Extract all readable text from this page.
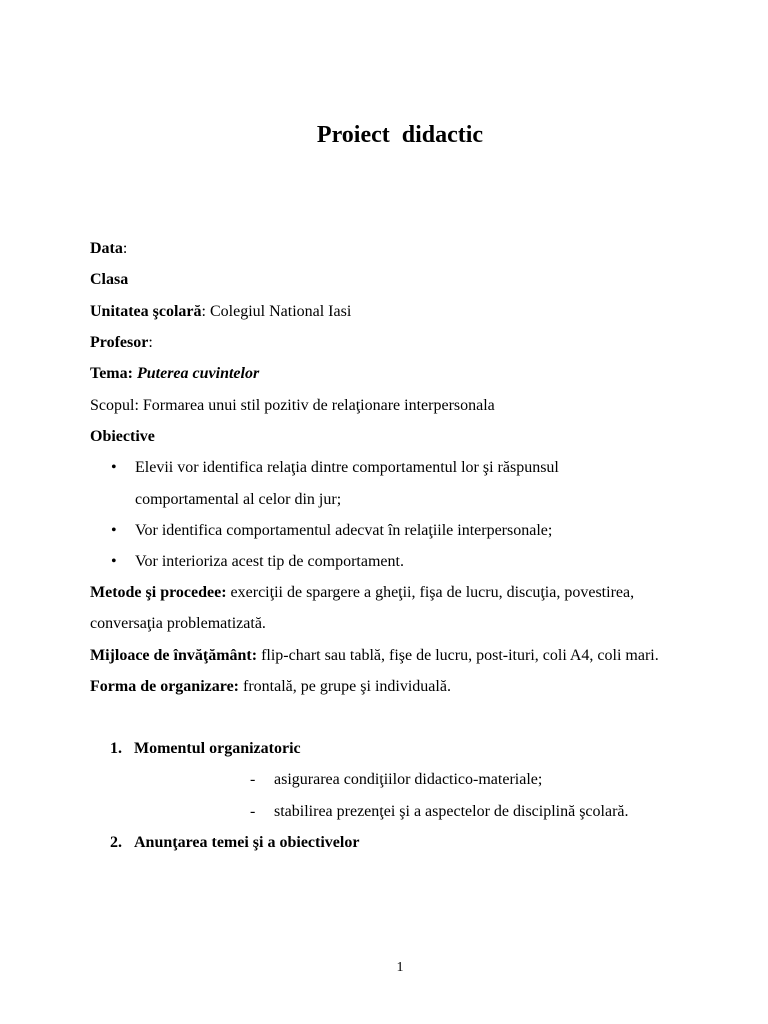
Proiect  didactic
Data:
Clasa
Unitatea şcolară: Colegiul National Iasi
Profesor:
Tema: Puterea cuvintelor
Scopul: Formarea unui stil pozitiv de relaţionare interpersonala
Obiective
• Elevii vor identifica relaţia dintre comportamentul lor şi răspunsul
comportamental al celor din jur;
• Vor identifica comportamentul adecvat în relaţiile interpersonale;
• Vor interioriza acest tip de comportament.
Metode şi procedee: exerciţii de spargere a gheţii, fişa de lucru, discuţia, povestirea,
conversaţia problematizată.
Mijloace de învăţământ: flip-chart sau tablă, fişe de lucru, post-ituri, coli A4, coli mari.
Forma de organizare: frontală, pe grupe şi individuală.
1. Momentul organizatoric
- asigurarea condiţiilor didactico-materiale;
- stabilirea prezenţei şi a aspectelor de disciplină şcolară.
2. Anunţarea temei şi a obiectivelor
1
